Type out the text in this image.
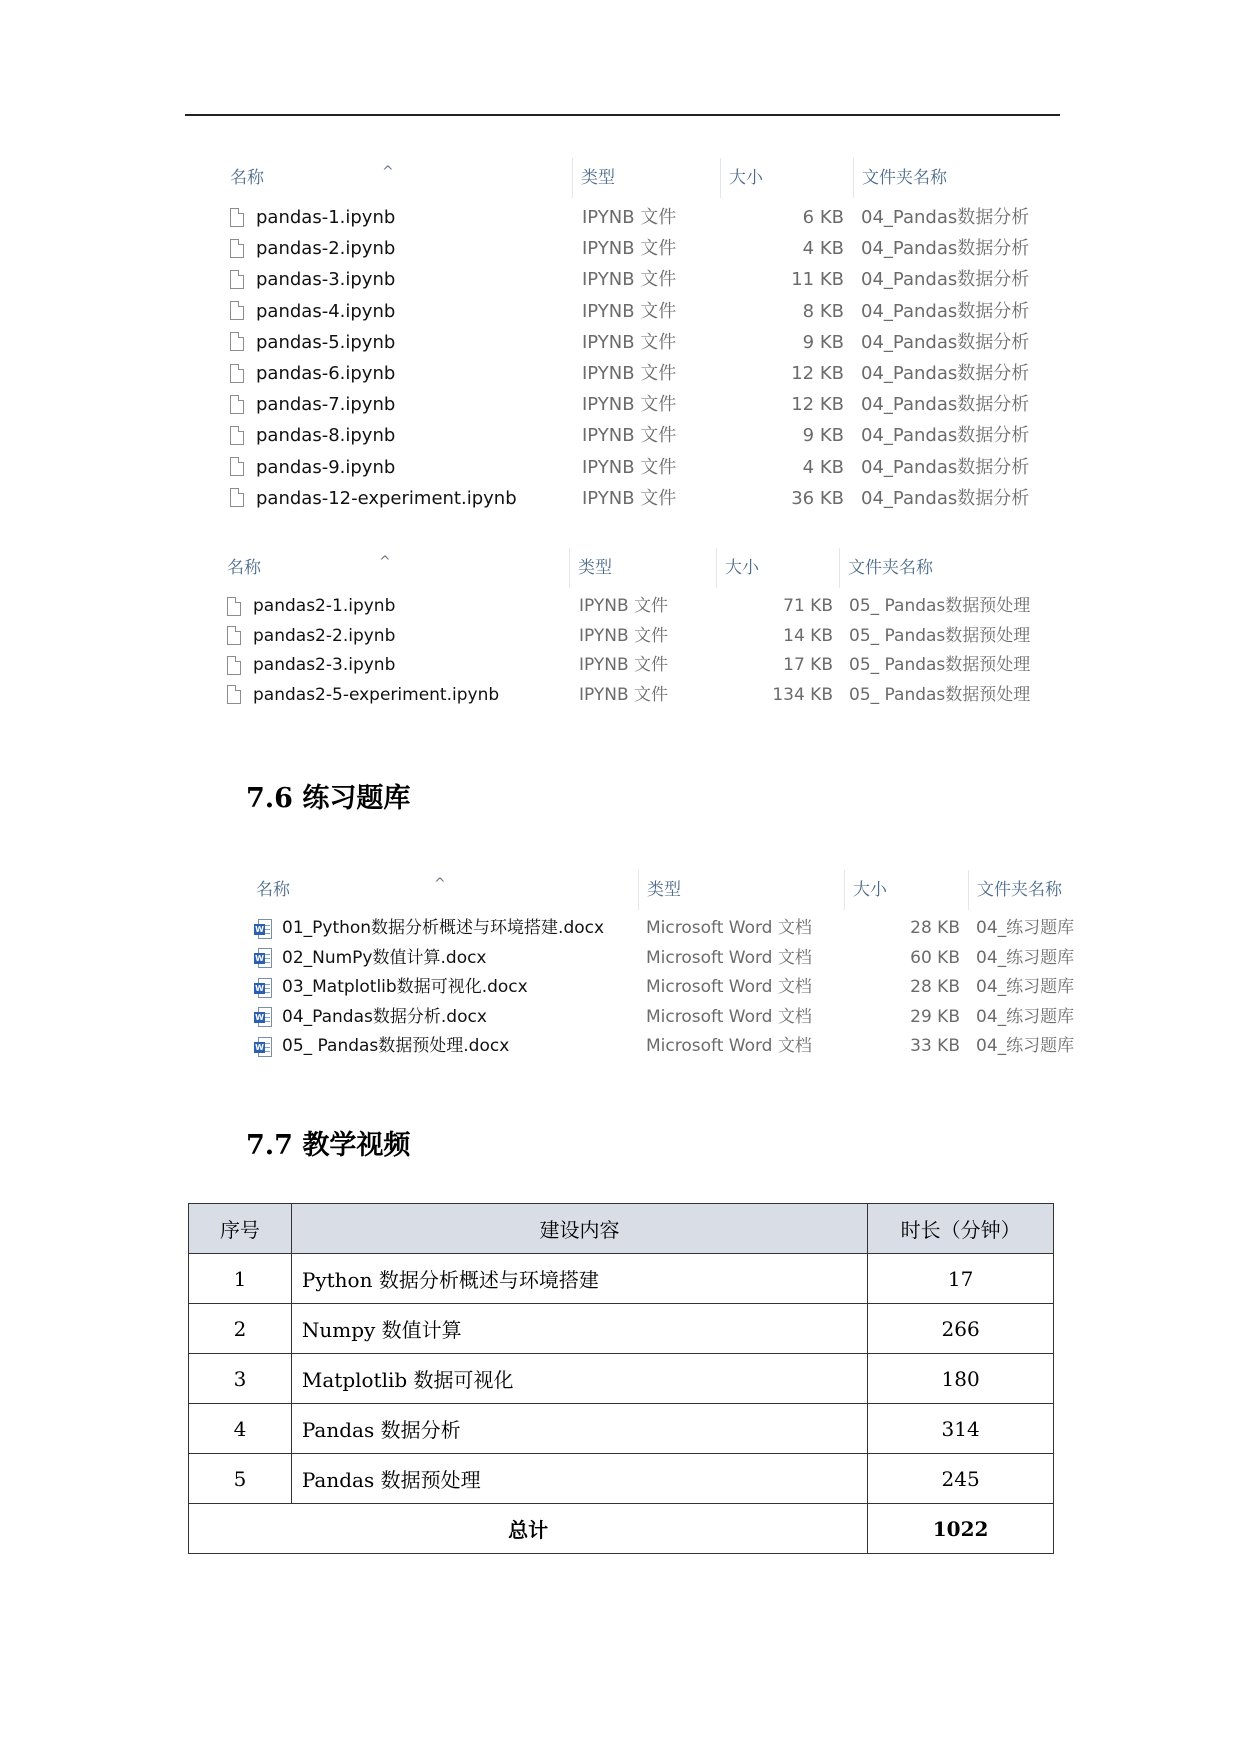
名称	^	类型	大小	文件夹名称
pandas-1.ipynb	IPYNB 文件	6 KB 04_Pandas数据分析
pandas-2.ipynb	IPYNB 文件	4 KB 04_Pandas数据分析
pandas-3.ipynb	IPYNB 文件	11 KB 04_Pandas数据分析
pandas-4.ipynb	IPYNB 文件	8 KB 04_Pandas数据分析
pandas-5.ipynb	IPYNB 文件	9 KB 04_Pandas数据分析
pandas-6.ipynb	IPYNB 文件	12 KB 04_Pandas数据分析
pandas-7.ipynb	IPYNB 文件	12 KB 04_Pandas数据分析
pandas-8.ipynb	IPYNB 文件	9 KB 04_Pandas数据分析
pandas-9.ipynb	IPYNB 文件	4 KB 04_Pandas数据分析
pandas-12-experiment.ipynb	IPYNB 文件	36 KB 04_Pandas数据分析
名称	^	类型	大小	文件夹名称
pandas2-1.ipynb	IPYNB 文件	71 KB 05_ Pandas数据预处理
pandas2-2.ipynb	IPYNB 文件	14 KB 05_ Pandas数据预处理
pandas2-3.ipynb	IPYNB 文件	17 KB 05_ Pandas数据预处理
pandas2-5-experiment.ipynb	IPYNB 文件	134 KB 05_ Pandas数据预处理
7.6 练习题库
名称	^	类型	大小	文件夹名称
W 01_Python数据分析概述与环境搭建.docx Microsoft Word 文档	28 KB 04_练习题库
W 02_NumPy数值计算.docx	Microsoft Word 文档	60 KB 04_练习题库
W 03_Matplotlib数据可视化.docx	Microsoft Word 文档	28 KB 04_练习题库
W 04_Pandas数据分析.docx	Microsoft Word 文档	29 KB 04_练习题库
W 05_ Pandas数据预处理.docx	Microsoft Word 文档	33 KB 04_练习题库
7.7 教学视频
序号	建设内容	时长（分钟）
1	Python 数据分析概述与环境搭建	17
2	Numpy 数值计算	266
3	Matplotlib 数据可视化	180
4	Pandas 数据分析	314
5	Pandas 数据预处理	245
总计		1022
